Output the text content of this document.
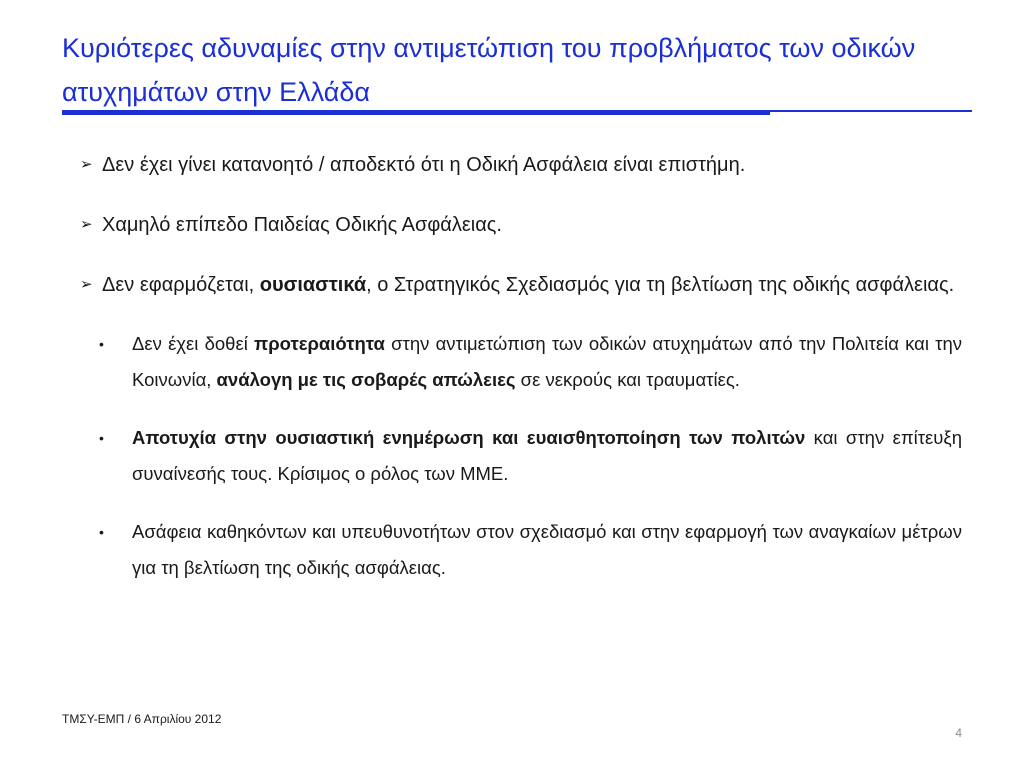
Κυριότερες αδυναμίες στην αντιμετώπιση του προβλήματος των οδικών ατυχημάτων στην Ελλάδα
➢ Δεν έχει γίνει κατανοητό / αποδεκτό ότι η Οδική Ασφάλεια είναι επιστήμη.
➢ Χαμηλό επίπεδο Παιδείας Οδικής Ασφάλειας.
➢ Δεν εφαρμόζεται, ουσιαστικά, ο Στρατηγικός Σχεδιασμός για τη βελτίωση της οδικής ασφάλειας.
• Δεν έχει δοθεί προτεραιότητα στην αντιμετώπιση των οδικών ατυχημάτων από την Πολιτεία και την Κοινωνία, ανάλογη με τις σοβαρές απώλειες σε νεκρούς και τραυματίες.
• Αποτυχία στην ουσιαστική ενημέρωση και ευαισθητοποίηση των πολιτών και στην επίτευξη συναίνεσής τους. Κρίσιμος ο ρόλος των ΜΜΕ.
• Ασάφεια καθηκόντων και υπευθυνοτήτων στον σχεδιασμό και στην εφαρμογή των αναγκαίων μέτρων για τη βελτίωση της οδικής ασφάλειας.
ΤΜΣΥ-ΕΜΠ / 6 Απριλίου 2012
4
